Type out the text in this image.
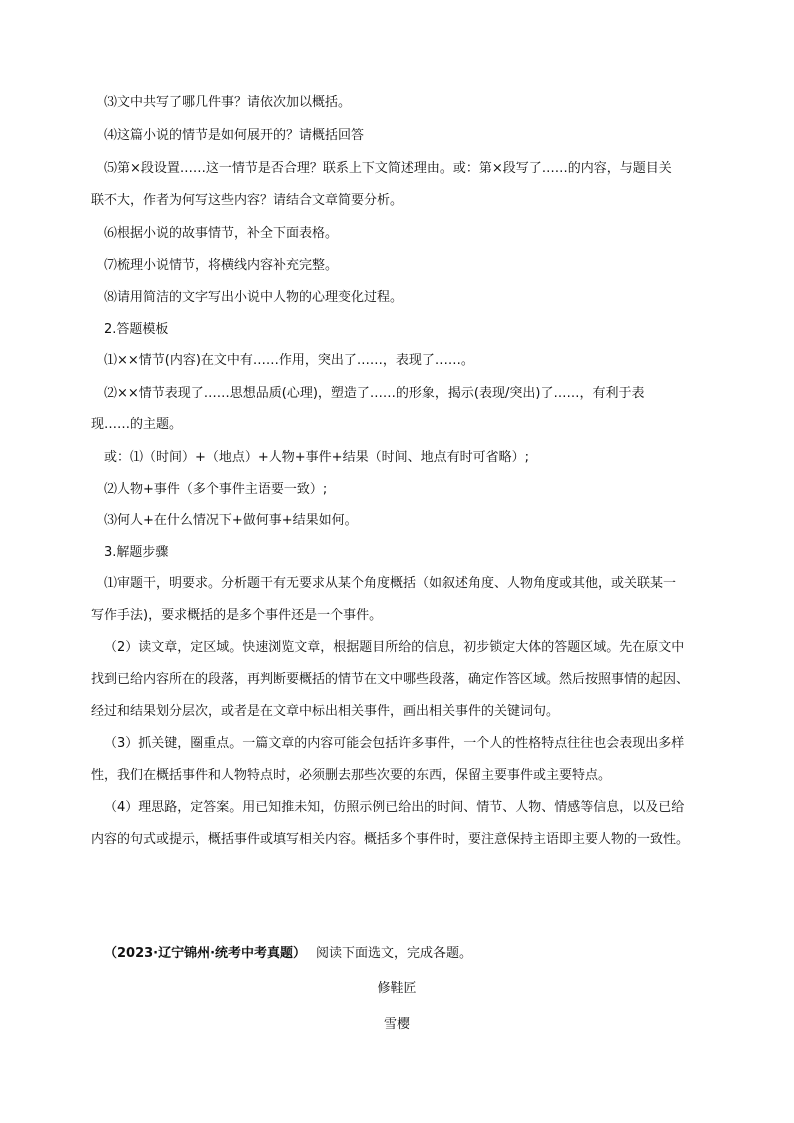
⑶文中共写了哪几件事？请依次加以概括。
⑷这篇小说的情节是如何展开的？请概括回答
⑸第×段设置……这一情节是否合理？联系上下文简述理由。或：第×段写了……的内容，与题目关
联不大，作者为何写这些内容？请结合文章简要分析。
⑹根据小说的故事情节，补全下面表格。
⑺梳理小说情节，将横线内容补充完整。
⑻请用简洁的文字写出小说中人物的心理变化过程。
2.答题模板
⑴××情节(内容)在文中有……作用，突出了……，表现了……。
⑵××情节表现了……思想品质(心理)，塑造了……的形象，揭示(表现/突出)了……，有利于表
现……的主题。
或：⑴（时间）+（地点）+人物+事件+结果（时间、地点有时可省略）;
⑵人物+事件（多个事件主语要一致）;
⑶何人+在什么情况下+做何事+结果如何。
3.解题步骤
⑴审题干，明要求。分析题干有无要求从某个角度概括（如叙述角度、人物角度或其他，或关联某一
写作手法)，要求概括的是多个事件还是一个事件。
（2）读文章，定区域。快速浏览文章，根据题目所给的信息，初步锁定大体的答题区域。先在原文中
找到已给内容所在的段落，再判断要概括的情节在文中哪些段落，确定作答区域。然后按照事情的起因、
经过和结果划分层次，或者是在文章中标出相关事件，画出相关事件的关键词句。
（3）抓关键，圈重点。一篇文章的内容可能会包括许多事件，一个人的性格特点往往也会表现出多样
性，我们在概括事件和人物特点时，必须删去那些次要的东西，保留主要事件或主要特点。
（4）理思路，定答案。用已知推未知，仿照示例已给出的时间、情节、人物、情感等信息，以及已给
内容的句式或提示，概括事件或填写相关内容。概括多个事件时，要注意保持主语即主要人物的一致性。
（2023·辽宁锦州·统考中考真题） 阅读下面选文，完成各题。
修鞋匠
雪樱
